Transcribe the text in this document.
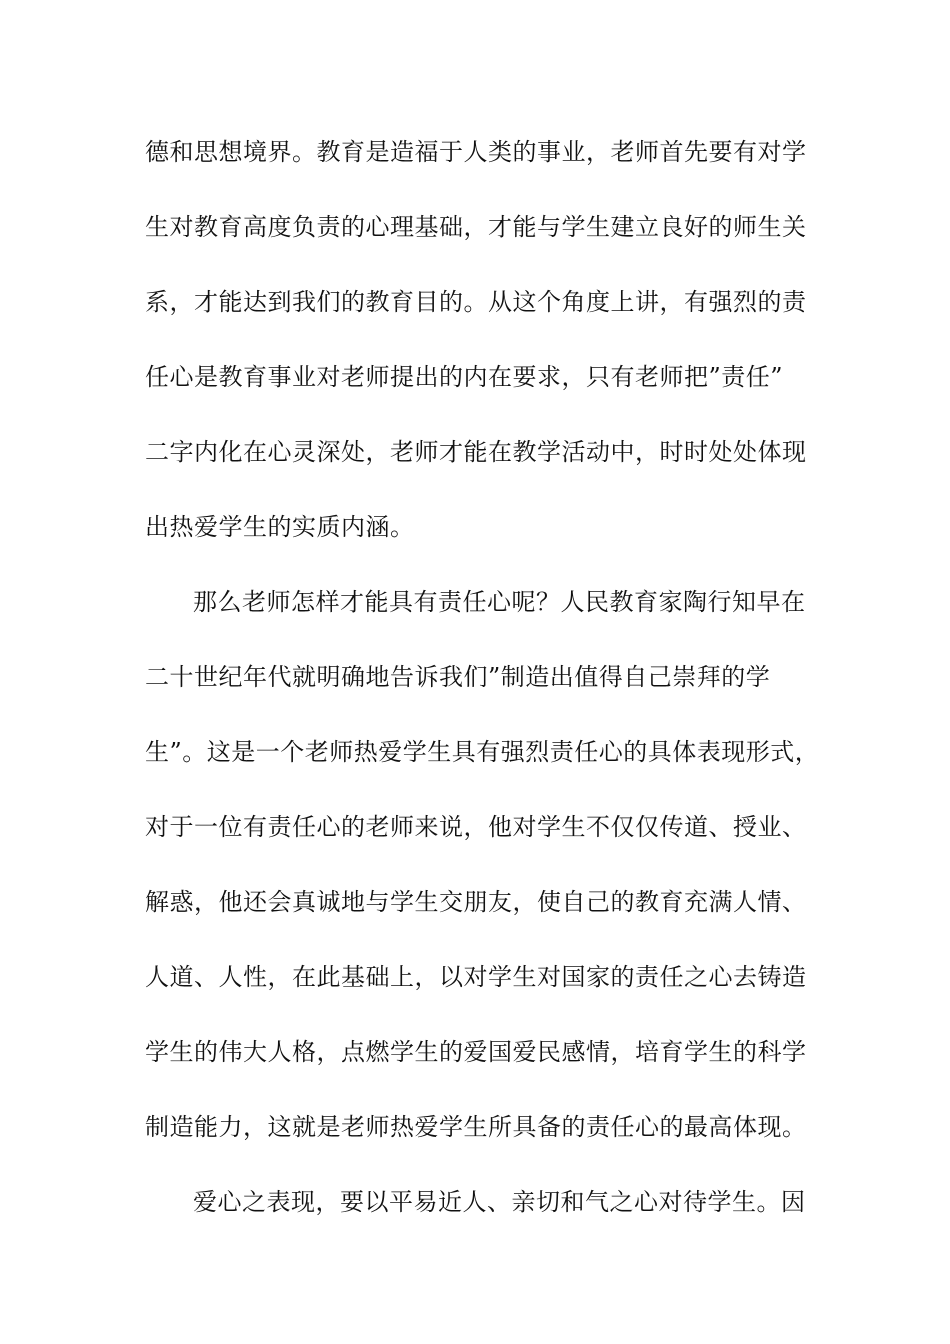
德和思想境界。教育是造福于人类的事业，老师首先要有对学
生对教育高度负责的心理基础，才能与学生建立良好的师生关
系，才能达到我们的教育目的。从这个角度上讲，有强烈的责
任心是教育事业对老师提出的内在要求，只有老师把”责任”
二字内化在心灵深处，老师才能在教学活动中，时时处处体现
出热爱学生的实质内涵。
那么老师怎样才能具有责任心呢？人民教育家陶行知早在
二十世纪年代就明确地告诉我们”制造出值得自己崇拜的学
生”。这是一个老师热爱学生具有强烈责任心的具体表现形式，
对于一位有责任心的老师来说，他对学生不仅仅传道、授业、
解惑，他还会真诚地与学生交朋友，使自己的教育充满人情、
人道、人性，在此基础上，以对学生对国家的责任之心去铸造
学生的伟大人格，点燃学生的爱国爱民感情，培育学生的科学
制造能力，这就是老师热爱学生所具备的责任心的最高体现。
爱心之表现，要以平易近人、亲切和气之心对待学生。因
